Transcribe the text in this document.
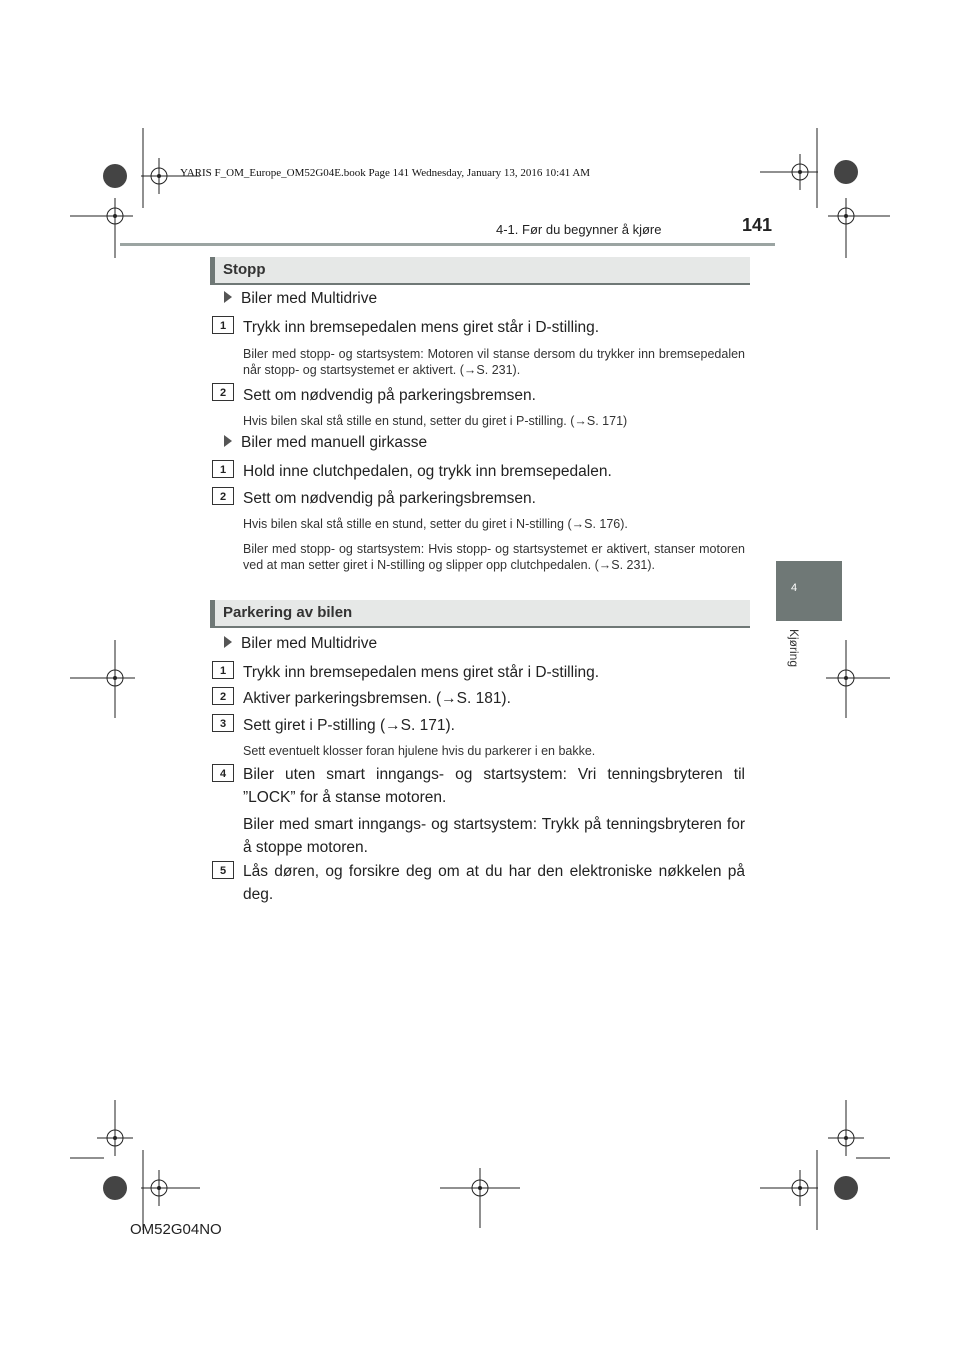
YARIS F_OM_Europe_OM52G04E.book Page 141 Wednesday, January 13, 2016 10:41 AM
4-1. Før du begynner å kjøre	141
4
Kjøring
Stopp
Biler med Multidrive
1	Trykk inn bremsepedalen mens giret står i D-stilling.
Biler med stopp- og startsystem: Motoren vil stanse dersom du trykker inn bremsepedalen når stopp- og startsystemet er aktivert. (→S. 231).
2	Sett om nødvendig på parkeringsbremsen.
Hvis bilen skal stå stille en stund, setter du giret i P-stilling. (→S. 171)
Biler med manuell girkasse
1	Hold inne clutchpedalen, og trykk inn bremsepedalen.
2	Sett om nødvendig på parkeringsbremsen.
Hvis bilen skal stå stille en stund, setter du giret i N-stilling (→S. 176).
Biler med stopp- og startsystem: Hvis stopp- og startsystemet er aktivert, stanser motoren ved at man setter giret i N-stilling og slipper opp clutchpedalen. (→S. 231).
Parkering av bilen
Biler med Multidrive
1	Trykk inn bremsepedalen mens giret står i D-stilling.
2	Aktiver parkeringsbremsen. (→S. 181).
3	Sett giret i P-stilling (→S. 171).
Sett eventuelt klosser foran hjulene hvis du parkerer i en bakke.
4	Biler uten smart inngangs- og startsystem: Vri tenningsbryteren til ”LOCK” for å stanse motoren.
Biler med smart inngangs- og startsystem: Trykk på tenningsbryteren for å stoppe motoren.
5	Lås døren, og forsikre deg om at du har den elektroniske nøkkelen på deg.
OM52G04NO
